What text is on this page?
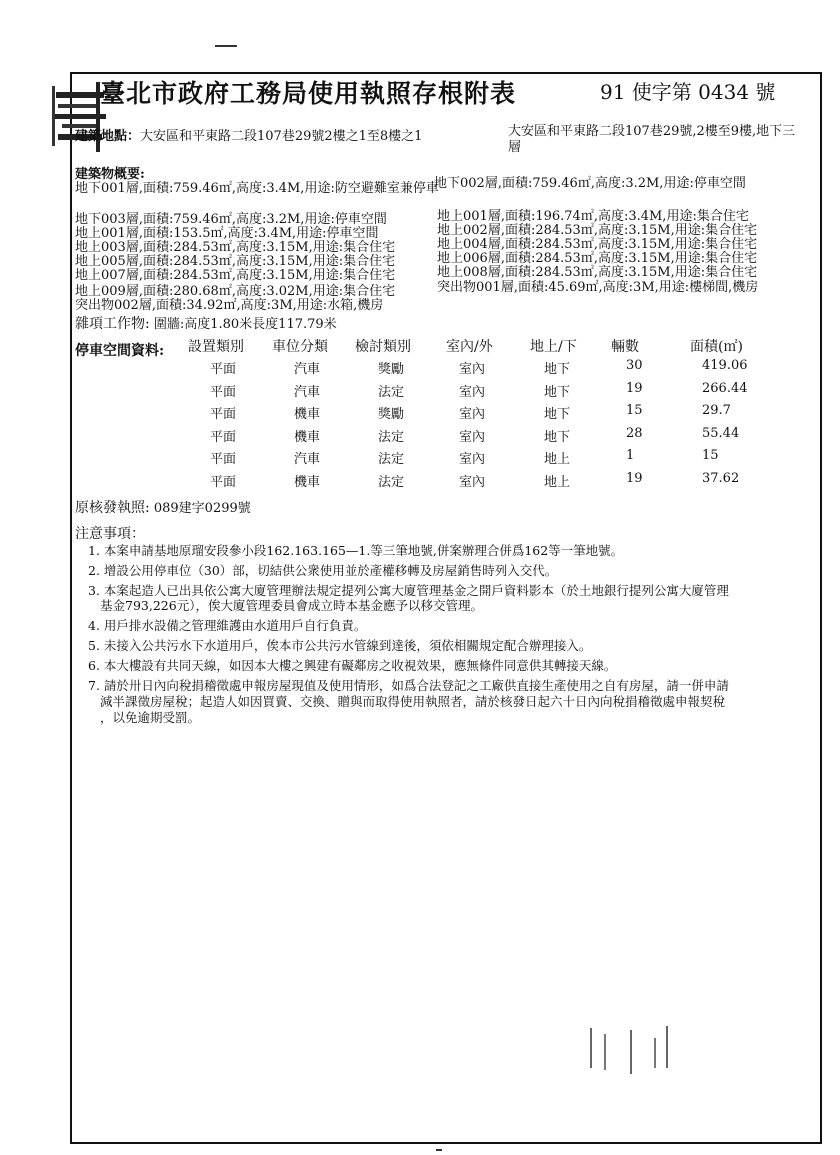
臺北市政府工務局使用執照存根附表	91 使字第 0434 號
建築地點：大安區和平東路二段107巷29號2樓之1至8樓之1	大安區和平東路二段107巷29號,2樓至9樓,地下三層
建築物概要:
地下001層,面積:759.46㎡,高度:3.4M,用途:防空避難室兼停車
地下002層,面積:759.46㎡,高度:3.2M,用途:停車空間
地下003層,面積:759.46㎡,高度:3.2M,用途:停車空間
地上001層,面積:153.5㎡,高度:3.4M,用途:停車空間
地上003層,面積:284.53㎡,高度:3.15M,用途:集合住宅
地上005層,面積:284.53㎡,高度:3.15M,用途:集合住宅
地上007層,面積:284.53㎡,高度:3.15M,用途:集合住宅
地上009層,面積:280.68㎡,高度:3.02M,用途:集合住宅
突出物002層,面積:34.92㎡,高度:3M,用途:水箱,機房
地上001層,面積:196.74㎡,高度:3.4M,用途:集合住宅
地上002層,面積:284.53㎡,高度:3.15M,用途:集合住宅
地上004層,面積:284.53㎡,高度:3.15M,用途:集合住宅
地上006層,面積:284.53㎡,高度:3.15M,用途:集合住宅
地上008層,面積:284.53㎡,高度:3.15M,用途:集合住宅
突出物001層,面積:45.69㎡,高度:3M,用途:樓梯間,機房
雜項工作物: 圍牆:高度1.80米長度117.79米
停車空間資料: 設置類別 車位分類 檢討類別	室內/外	地上/下 輛數	面積(㎡)
平面	汽車	獎勵	室內	地下	30	419.06
平面	汽車	法定	室內	地下	19	266.44
平面	機車	獎勵	室內	地下	15	29.7
平面	機車	法定	室內	地下	28	55.44
平面	汽車	法定	室內	地上	1	15
平面	機車	法定	室內	地上	19	37.62
原核發執照: 089建字0299號
注意事項：
1. 本案申請基地原瑠安段參小段162.163.165—1.等三筆地號,併案辦理合併爲162等一筆地號。
2. 增設公用停車位（30）部，切結供公衆使用並於產權移轉及房屋銷售時列入交代。
3. 本案起造人已出具依公寓大廈管理辦法規定提列公寓大廈管理基金之開戶資料影本（於土地銀行提列公寓大廈管理
基金793,226元），俟大廈管理委員會成立時本基金應予以移交管理。
4. 用戶排水設備之管理維護由水道用戶自行負責。
5. 未接入公共污水下水道用戶，俟本市公共污水管線到達後，須依相關規定配合辦理接入。
6. 本大樓設有共同天線，如因本大樓之興建有礙鄰房之收視效果，應無條件同意供其轉接天線。
7. 請於卅日內向稅捐稽徵處申報房屋現值及使用情形，如爲合法登記之工廠供直接生產使用之自有房屋，請一併申請
減半課徵房屋稅；起造人如因買賣、交換、贈與而取得使用執照者，請於核發日起六十日內向稅捐稽徵處申報契稅
，以免逾期受罰。
